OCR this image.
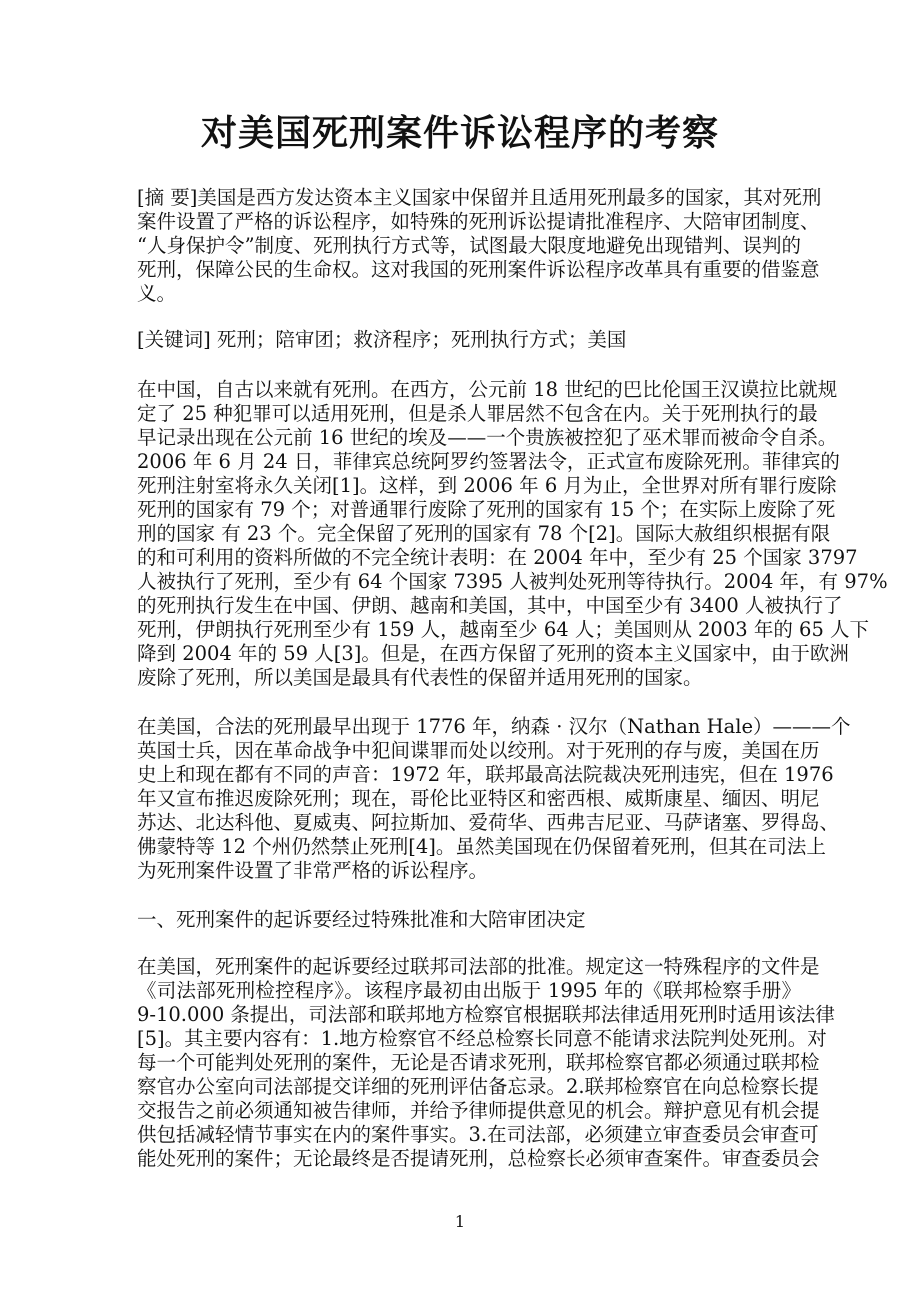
对美国死刑案件诉讼程序的考察
[摘 要]美国是西方发达资本主义国家中保留并且适用死刑最多的国家，其对死刑
案件设置了严格的诉讼程序，如特殊的死刑诉讼提请批准程序、大陪审团制度、
“人身保护令”制度、死刑执行方式等，试图最大限度地避免出现错判、误判的
死刑，保障公民的生命权。这对我国的死刑案件诉讼程序改革具有重要的借鉴意
义。
[关键词] 死刑；陪审团；救济程序；死刑执行方式；美国
在中国，自古以来就有死刑。在西方，公元前 18 世纪的巴比伦国王汉谟拉比就规
定了 25 种犯罪可以适用死刑，但是杀人罪居然不包含在内。关于死刑执行的最
早记录出现在公元前 16 世纪的埃及——一个贵族被控犯了巫术罪而被命令自杀。
2006 年 6 月 24 日，菲律宾总统阿罗约签署法令，正式宣布废除死刑。菲律宾的
死刑注射室将永久关闭[1]。这样，到 2006 年 6 月为止，全世界对所有罪行废除
死刑的国家有 79 个；对普通罪行废除了死刑的国家有 15 个；在实际上废除了死
刑的国家 有 23 个。完全保留了死刑的国家有 78 个[2]。国际大赦组织根据有限
的和可利用的资料所做的不完全统计表明：在 2004 年中，至少有 25 个国家 3797
人被执行了死刑，至少有 64 个国家 7395 人被判处死刑等待执行。2004 年，有 97%
的死刑执行发生在中国、伊朗、越南和美国，其中，中国至少有 3400 人被执行了
死刑，伊朗执行死刑至少有 159 人，越南至少 64 人；美国则从 2003 年的 65 人下
降到 2004 年的 59 人[3]。但是，在西方保留了死刑的资本主义国家中，由于欧洲
废除了死刑，所以美国是最具有代表性的保留并适用死刑的国家。
在美国，合法的死刑最早出现于 1776 年，纳森 · 汉尔（Nathan Hale）———个
英国士兵，因在革命战争中犯间谍罪而处以绞刑。对于死刑的存与废，美国在历
史上和现在都有不同的声音：1972 年，联邦最高法院裁决死刑违宪，但在 1976
年又宣布推迟废除死刑；现在，哥伦比亚特区和密西根、威斯康星、缅因、明尼
苏达、北达科他、夏威夷、阿拉斯加、爱荷华、西弗吉尼亚、马萨诸塞、罗得岛、
佛蒙特等 12 个州仍然禁止死刑[4]。虽然美国现在仍保留着死刑，但其在司法上
为死刑案件设置了非常严格的诉讼程序。
一、死刑案件的起诉要经过特殊批准和大陪审团决定
在美国，死刑案件的起诉要经过联邦司法部的批准。规定这一特殊程序的文件是
《司法部死刑检控程序》。该程序最初由出版于 1995 年的《联邦检察手册》
9-10.000 条提出，司法部和联邦地方检察官根据联邦法律适用死刑时适用该法律
[5]。其主要内容有：1.地方检察官不经总检察长同意不能请求法院判处死刑。对
每一个可能判处死刑的案件，无论是否请求死刑，联邦检察官都必须通过联邦检
察官办公室向司法部提交详细的死刑评估备忘录。2.联邦检察官在向总检察长提
交报告之前必须通知被告律师，并给予律师提供意见的机会。辩护意见有机会提
供包括减轻情节事实在内的案件事实。3.在司法部，必须建立审查委员会审查可
能处死刑的案件；无论最终是否提请死刑，总检察长必须审查案件。审查委员会
1
